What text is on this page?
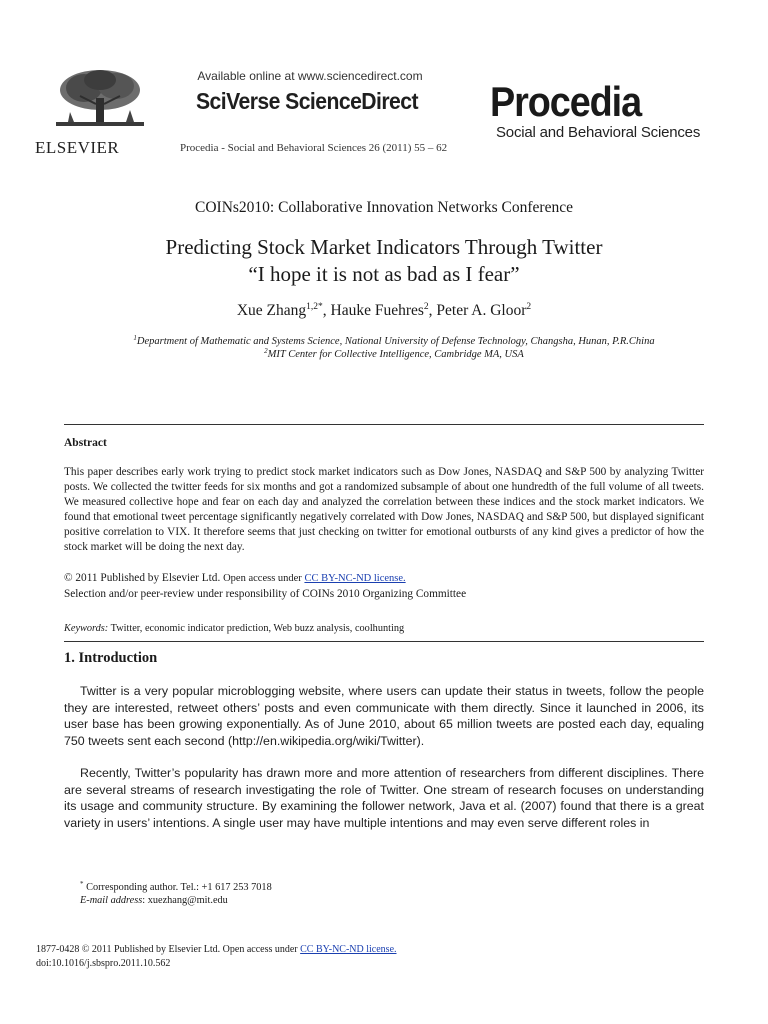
ELSEVIER
Available online at www.sciencedirect.com
SciVerse ScienceDirect
Procedia - Social and Behavioral Sciences 26 (2011) 55 – 62
Procedia
Social and Behavioral Sciences
COINs2010: Collaborative Innovation Networks Conference
Predicting Stock Market Indicators Through Twitter
“I hope it is not as bad as I fear”
Xue Zhang$^{1,2*}$, Hauke Fuehres$^2$, Peter A. Gloor$^2$
$^1$Department of Mathematic and Systems Science, National University of Defense Technology, Changsha, Hunan, P.R.China
$^2$MIT Center for Collective Intelligence, Cambridge MA, USA
Abstract
This paper describes early work trying to predict stock market indicators such as Dow Jones, NASDAQ and S&P 500 by analyzing Twitter posts. We collected the twitter feeds for six months and got a randomized subsample of about one hundredth of the full volume of all tweets. We measured collective hope and fear on each day and analyzed the correlation between these indices and the stock market indicators. We found that emotional tweet percentage significantly negatively correlated with Dow Jones, NASDAQ and S&P 500, but displayed significant positive correlation to VIX. It therefore seems that just checking on twitter for emotional outbursts of any kind gives a predictor of how the stock market will be doing the next day.
© 2011 Published by Elsevier Ltd. Open access under CC BY-NC-ND license.
Selection and/or peer-review under responsibility of COINs 2010 Organizing Committee
Keywords: Twitter, economic indicator prediction, Web buzz analysis, coolhunting
1. Introduction
Twitter is a very popular microblogging website, where users can update their status in tweets, follow the people they are interested, retweet others’ posts and even communicate with them directly. Since it launched in 2006, its user base has been growing exponentially. As of June 2010, about 65 million tweets are posted each day, equaling 750 tweets sent each second (http://en.wikipedia.org/wiki/Twitter).
Recently, Twitter’s popularity has drawn more and more attention of researchers from different disciplines. There are several streams of research investigating the role of Twitter. One stream of research focuses on understanding its usage and community structure. By examining the follower network, Java et al. (2007) found that there is a great variety in users’ intentions. A single user may have multiple intentions and may even serve different roles in
* Corresponding author. Tel.: +1 617 253 7018
E-mail address: xuezhang@mit.edu
1877-0428 © 2011 Published by Elsevier Ltd. Open access under CC BY-NC-ND license.
doi:10.1016/j.sbspro.2011.10.562
